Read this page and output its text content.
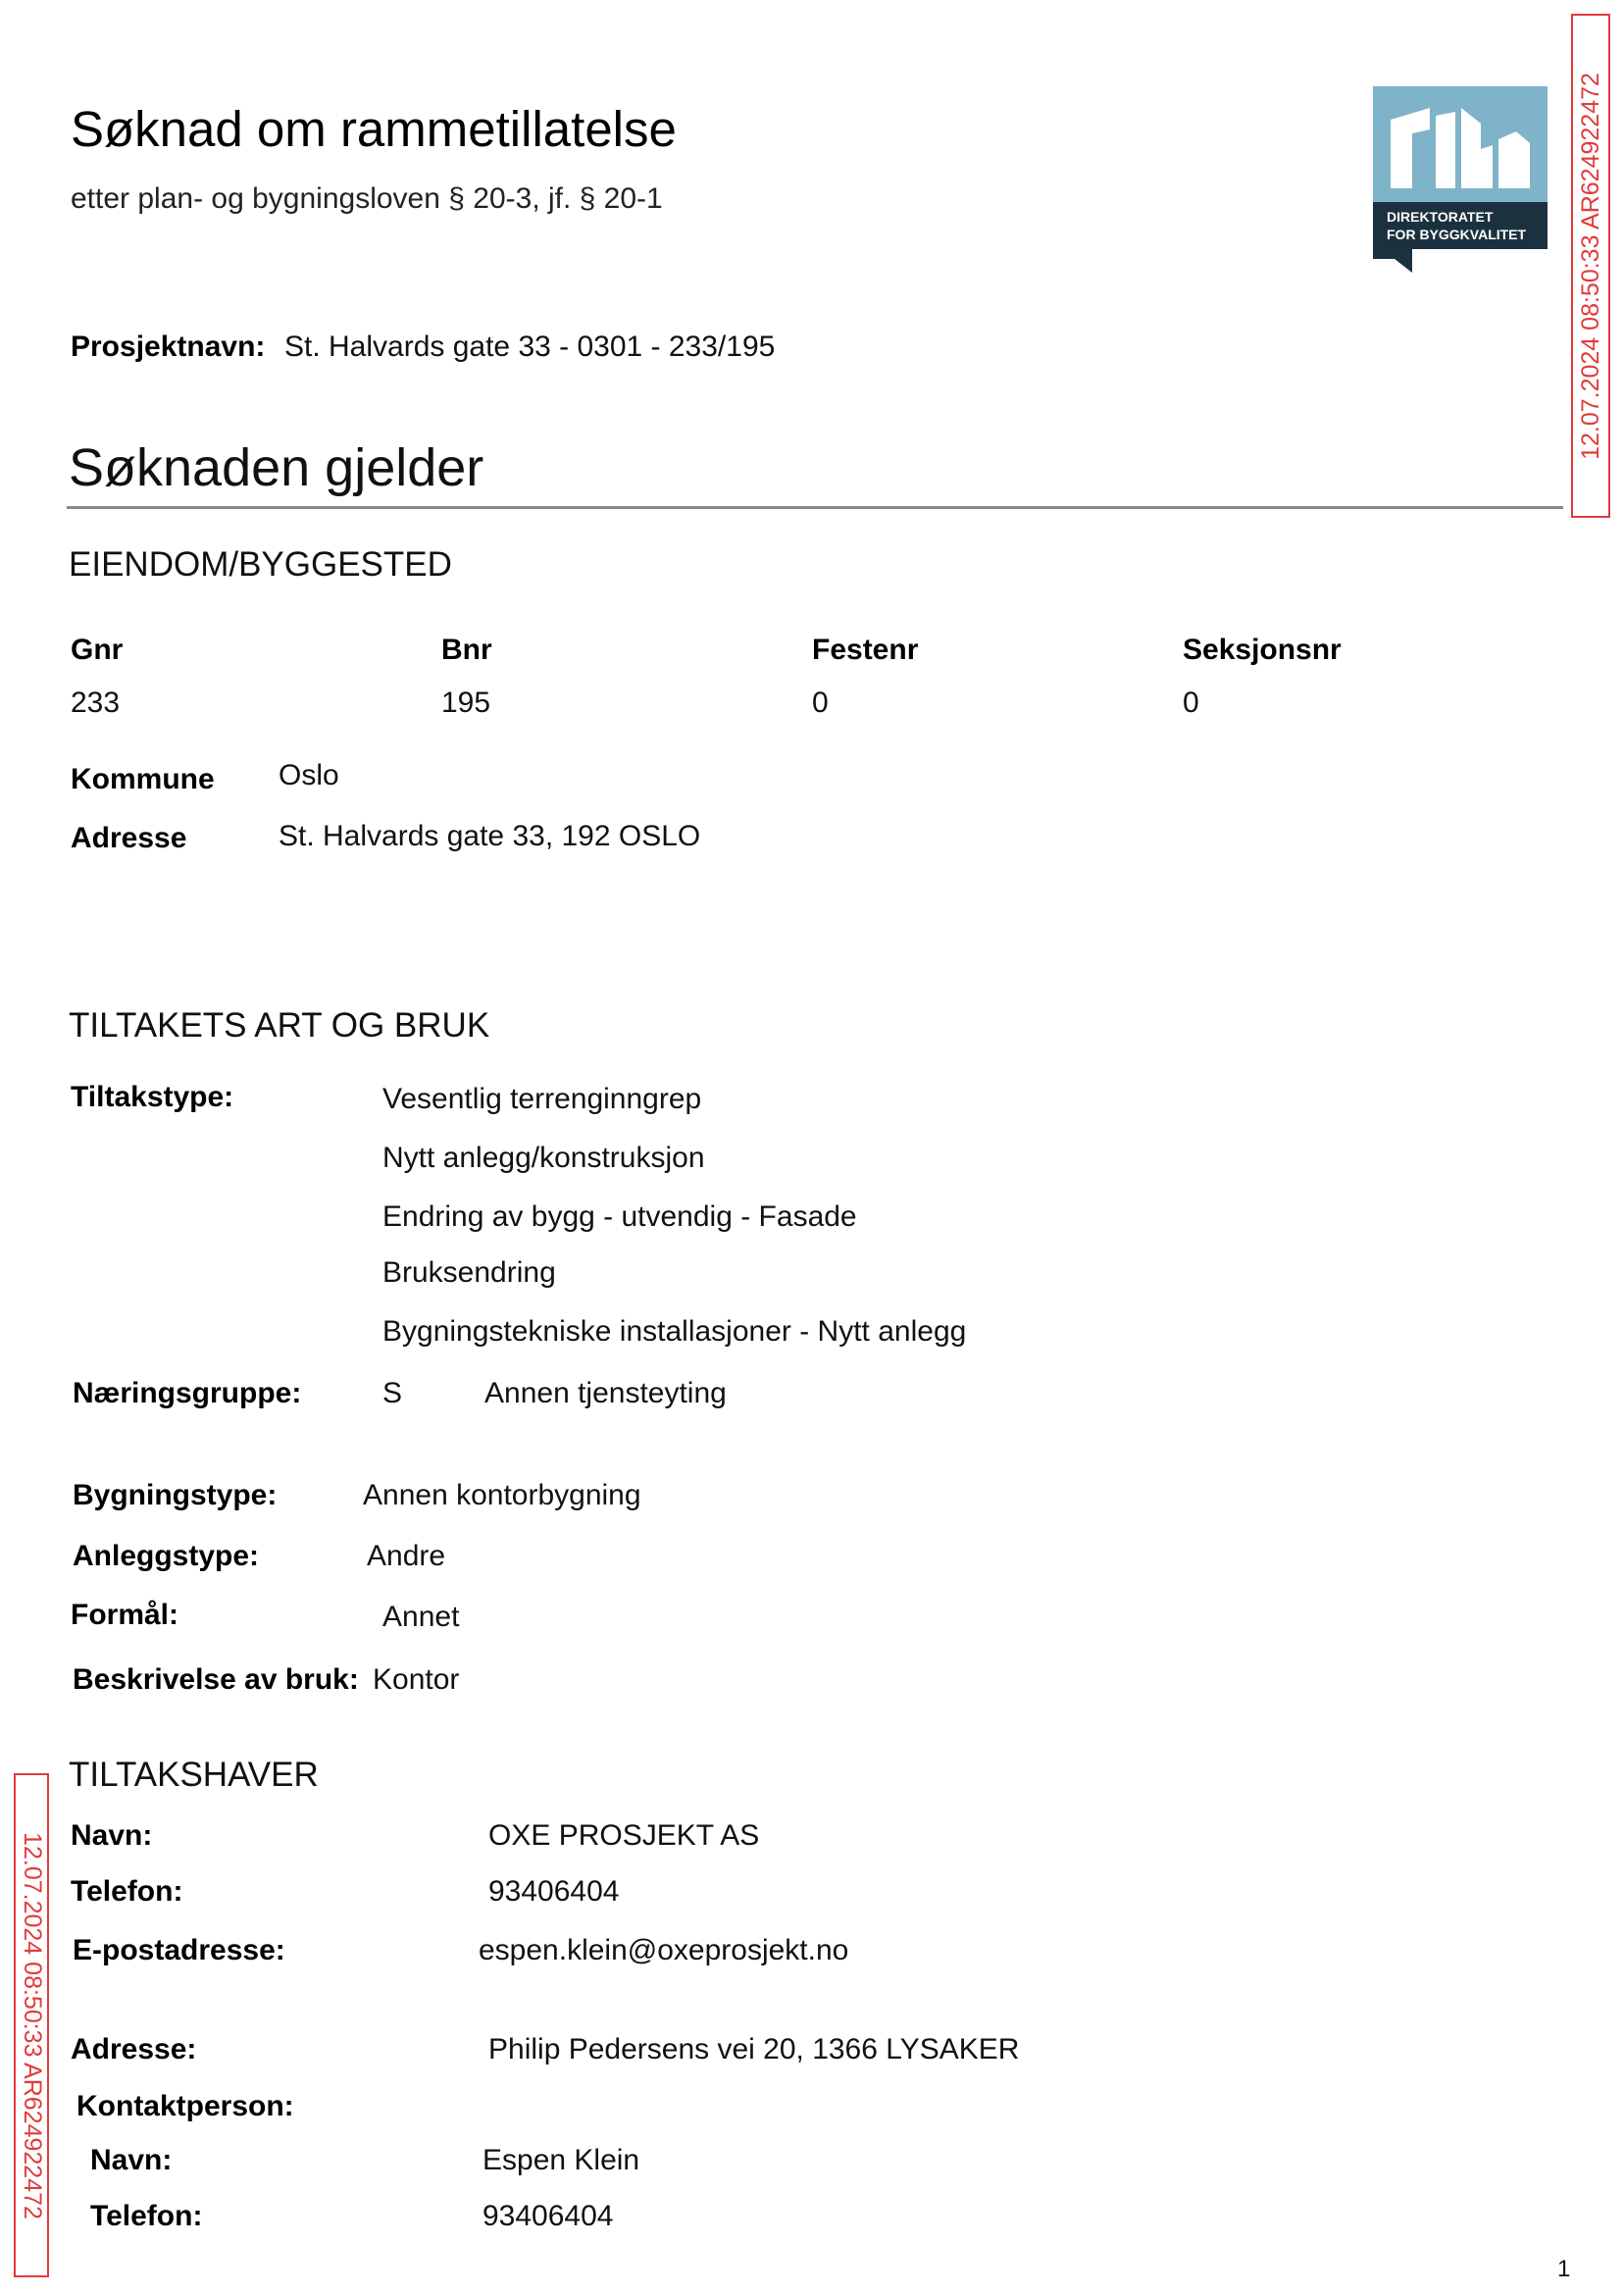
Søknad om rammetillatelse
etter plan- og bygningsloven § 20-3, jf. § 20-1
DIREKTORATET
FOR BYGGKVALITET 12.07.2024 08:50:33 AR624922472
Prosjektnavn: St. Halvards gate 33 - 0301 - 233/195
Søknaden gjelder
EIENDOM/BYGGESTED
Gnr	Bnr	Festenr	Seksjonsnr
233	195	0	0
Kommune Oslo
Adresse	St. Halvards gate 33, 192 OSLO
TILTAKETS ART OG BRUK
Tiltakstype:	Vesentlig terrenginngrep
Nytt anlegg/konstruksjon
Endring av bygg - utvendig - Fasade
Bruksendring
Bygningstekniske installasjoner - Nytt anlegg
Næringsgruppe:	S	Annen tjensteyting
Bygningstype:	Annen kontorbygning
Anleggstype:	Andre
Formål:	Annet
Beskrivelse av bruk: Kontor
TILTAKSHAVER
Navn:	OXE PROSJEKT AS
Telefon:	93406404
E-postadresse:	espen.klein@oxeprosjekt.no
Adresse:	Philip Pedersens vei 20, 1366 LYSAKER
Kontaktperson:
Navn:	Espen Klein
Telefon:	93406404
12.07.2024 08:50:33 AR624922472
1
